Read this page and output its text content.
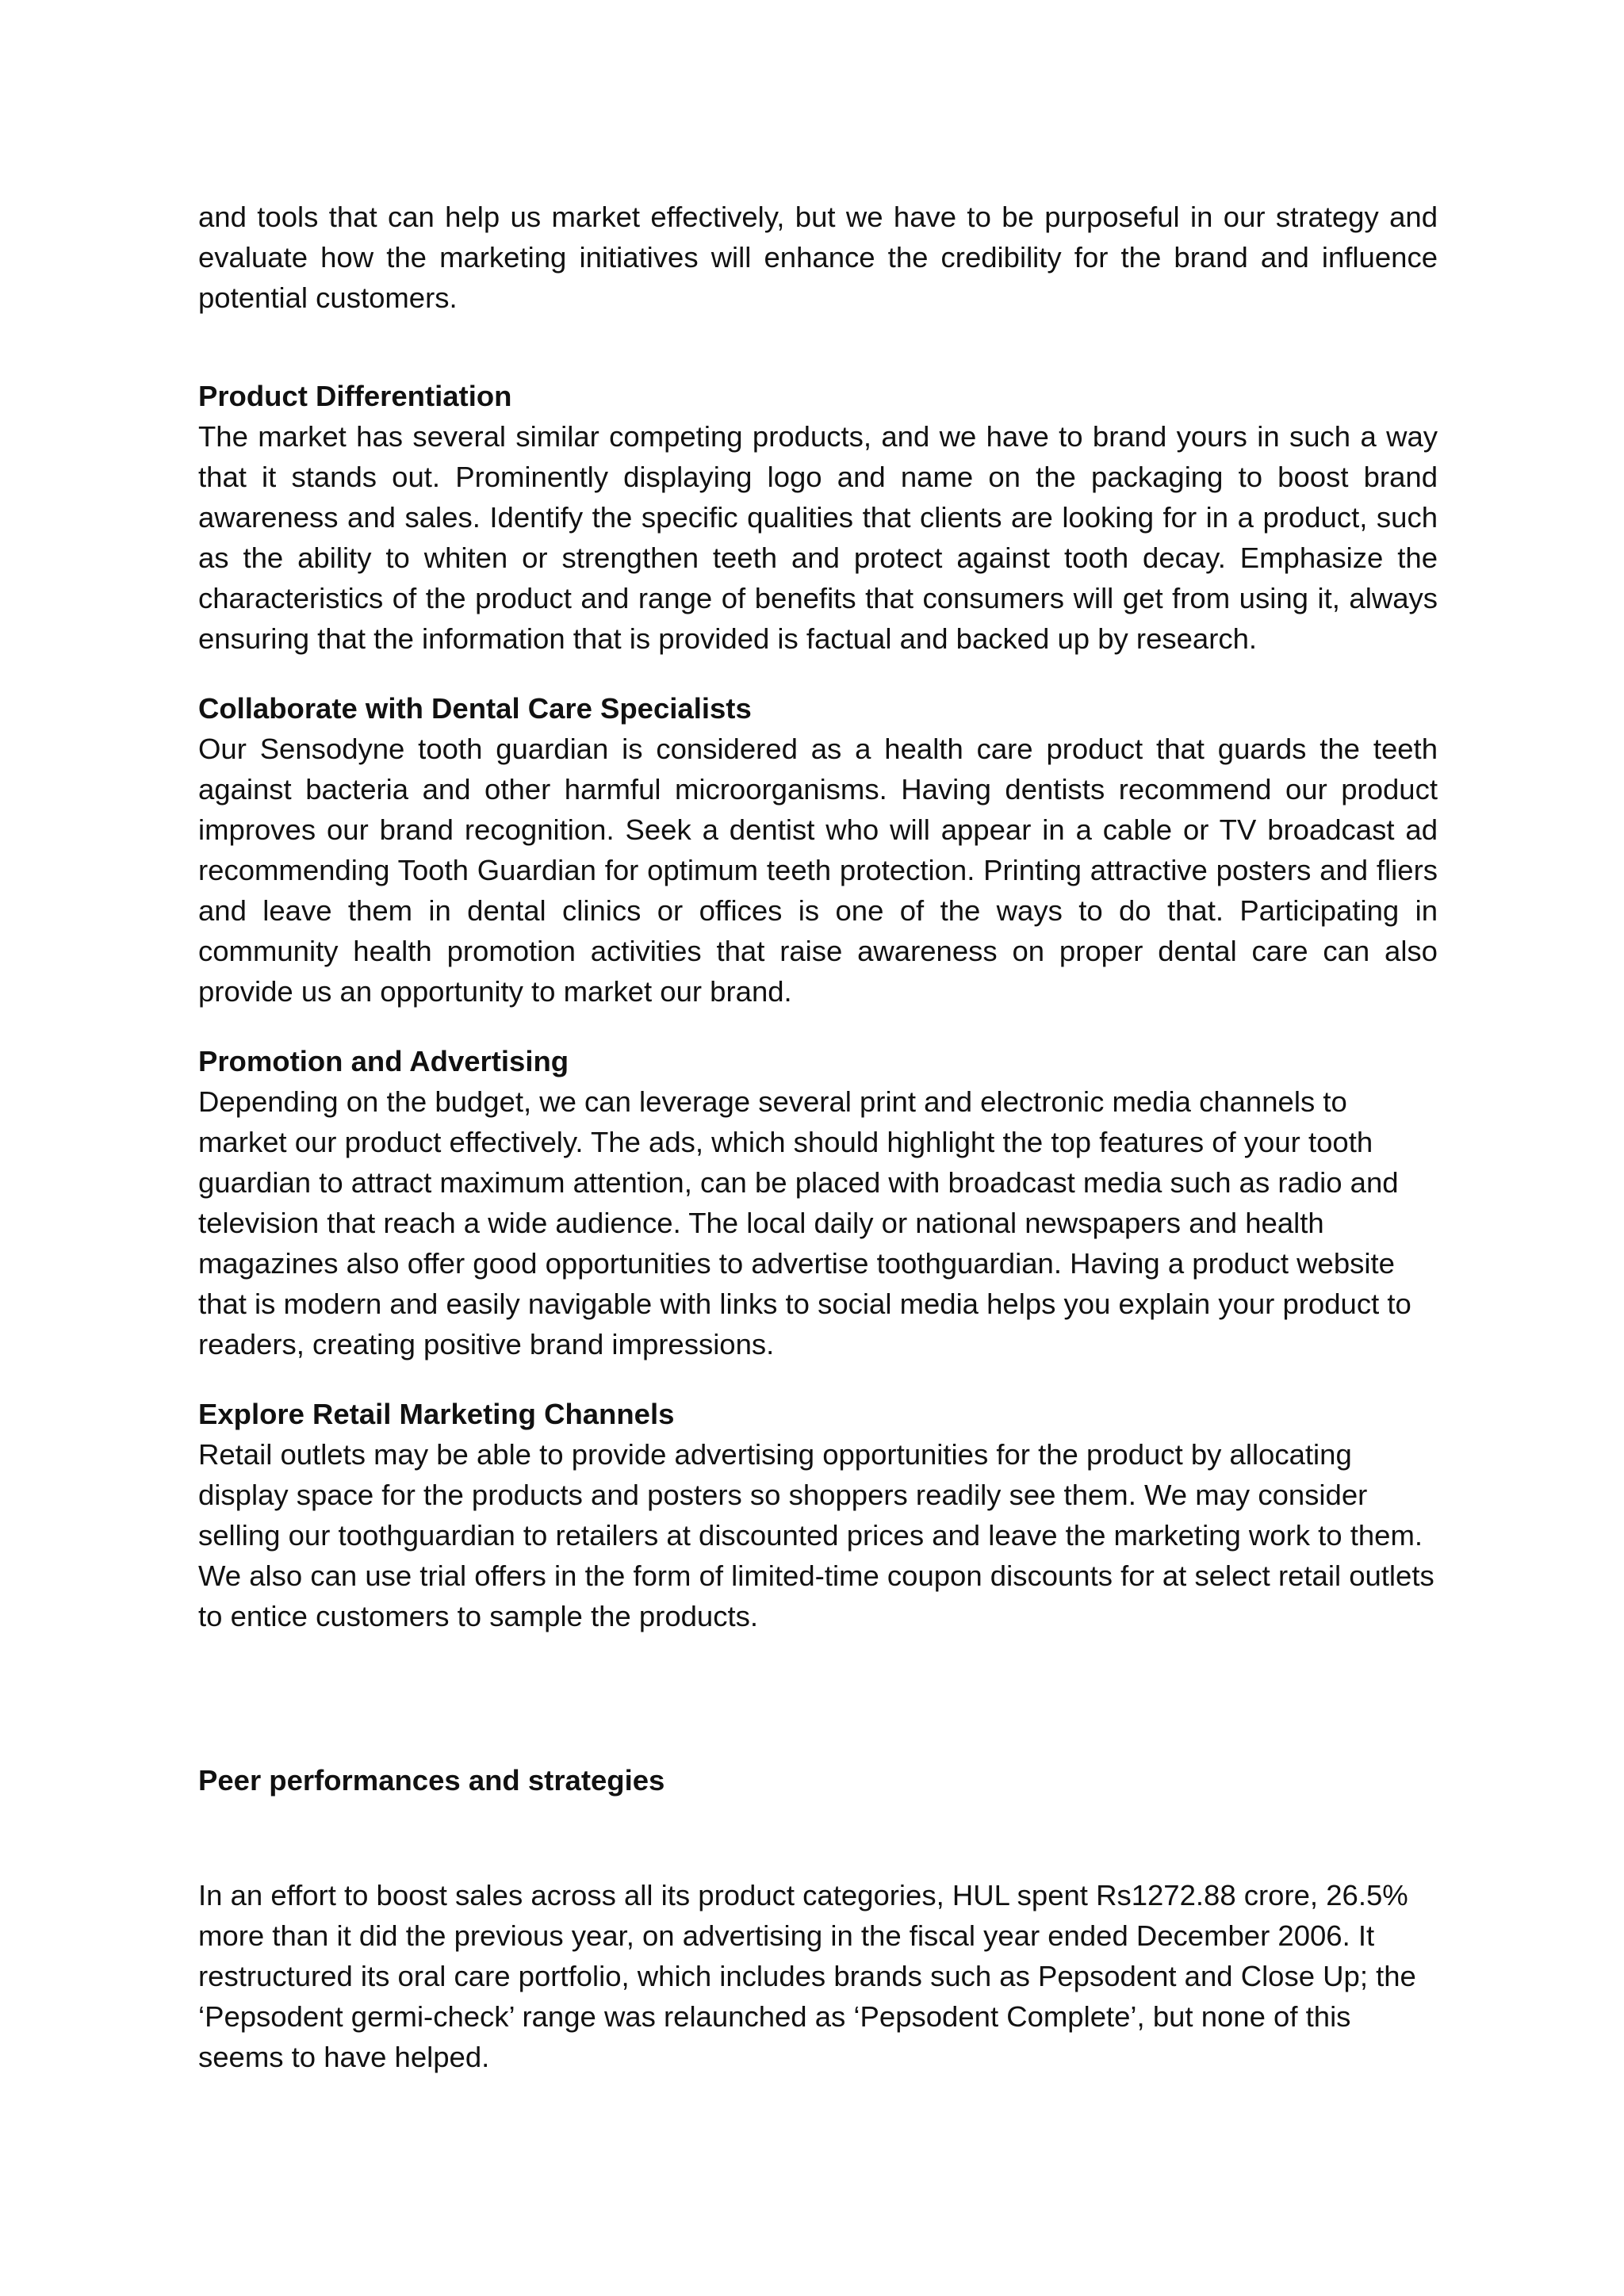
and tools that can help us market effectively, but we have to be purposeful in our strategy and evaluate how the marketing initiatives will enhance the credibility for the brand and influence potential customers.

Product Differentiation

The market has several similar competing products, and we have to brand yours in such a way that it stands out. Prominently displaying logo and name on the packaging to boost brand awareness and sales. Identify the specific qualities that clients are looking for in a product, such as the ability to whiten or strengthen teeth and protect against tooth decay. Emphasize the characteristics of the product and range of benefits that consumers will get from using it, always ensuring that the information that is provided is factual and backed up by research.

Collaborate with Dental Care Specialists

Our Sensodyne tooth guardian is considered as a health care product that guards the teeth against bacteria and other harmful microorganisms. Having dentists recommend our product improves our brand recognition. Seek a dentist who will appear in a cable or TV broadcast ad recommending Tooth Guardian for optimum teeth protection. Printing attractive posters and fliers and leave them in dental clinics or offices is one of the ways to do that. Participating in community health promotion activities that raise awareness on proper dental care can also provide us an opportunity to market our brand.

Promotion and Advertising

Depending on the budget, we can leverage several print and electronic media channels to market our product effectively. The ads, which should highlight the top features of your tooth guardian to attract maximum attention, can be placed with broadcast media such as radio and television that reach a wide audience. The local daily or national newspapers and health magazines also offer good opportunities to advertise toothguardian. Having a product website that is modern and easily navigable with links to social media helps you explain your product to readers, creating positive brand impressions.

Explore Retail Marketing Channels

Retail outlets may be able to provide advertising opportunities for the product by allocating display space for the products and posters so shoppers readily see them. We may consider selling our toothguardian to retailers at discounted prices and leave the marketing work to them. We also can use trial offers in the form of limited-time coupon discounts for at select retail outlets to entice customers to sample the products.

Peer performances and strategies

In an effort to boost sales across all its product categories, HUL spent Rs1272.88 crore, 26.5% more than it did the previous year, on advertising in the fiscal year ended December 2006. It restructured its oral care portfolio, which includes brands such as Pepsodent and Close Up; the ‘Pepsodent germi-check’ range was relaunched as ‘Pepsodent Complete’, but none of this seems to have helped.
